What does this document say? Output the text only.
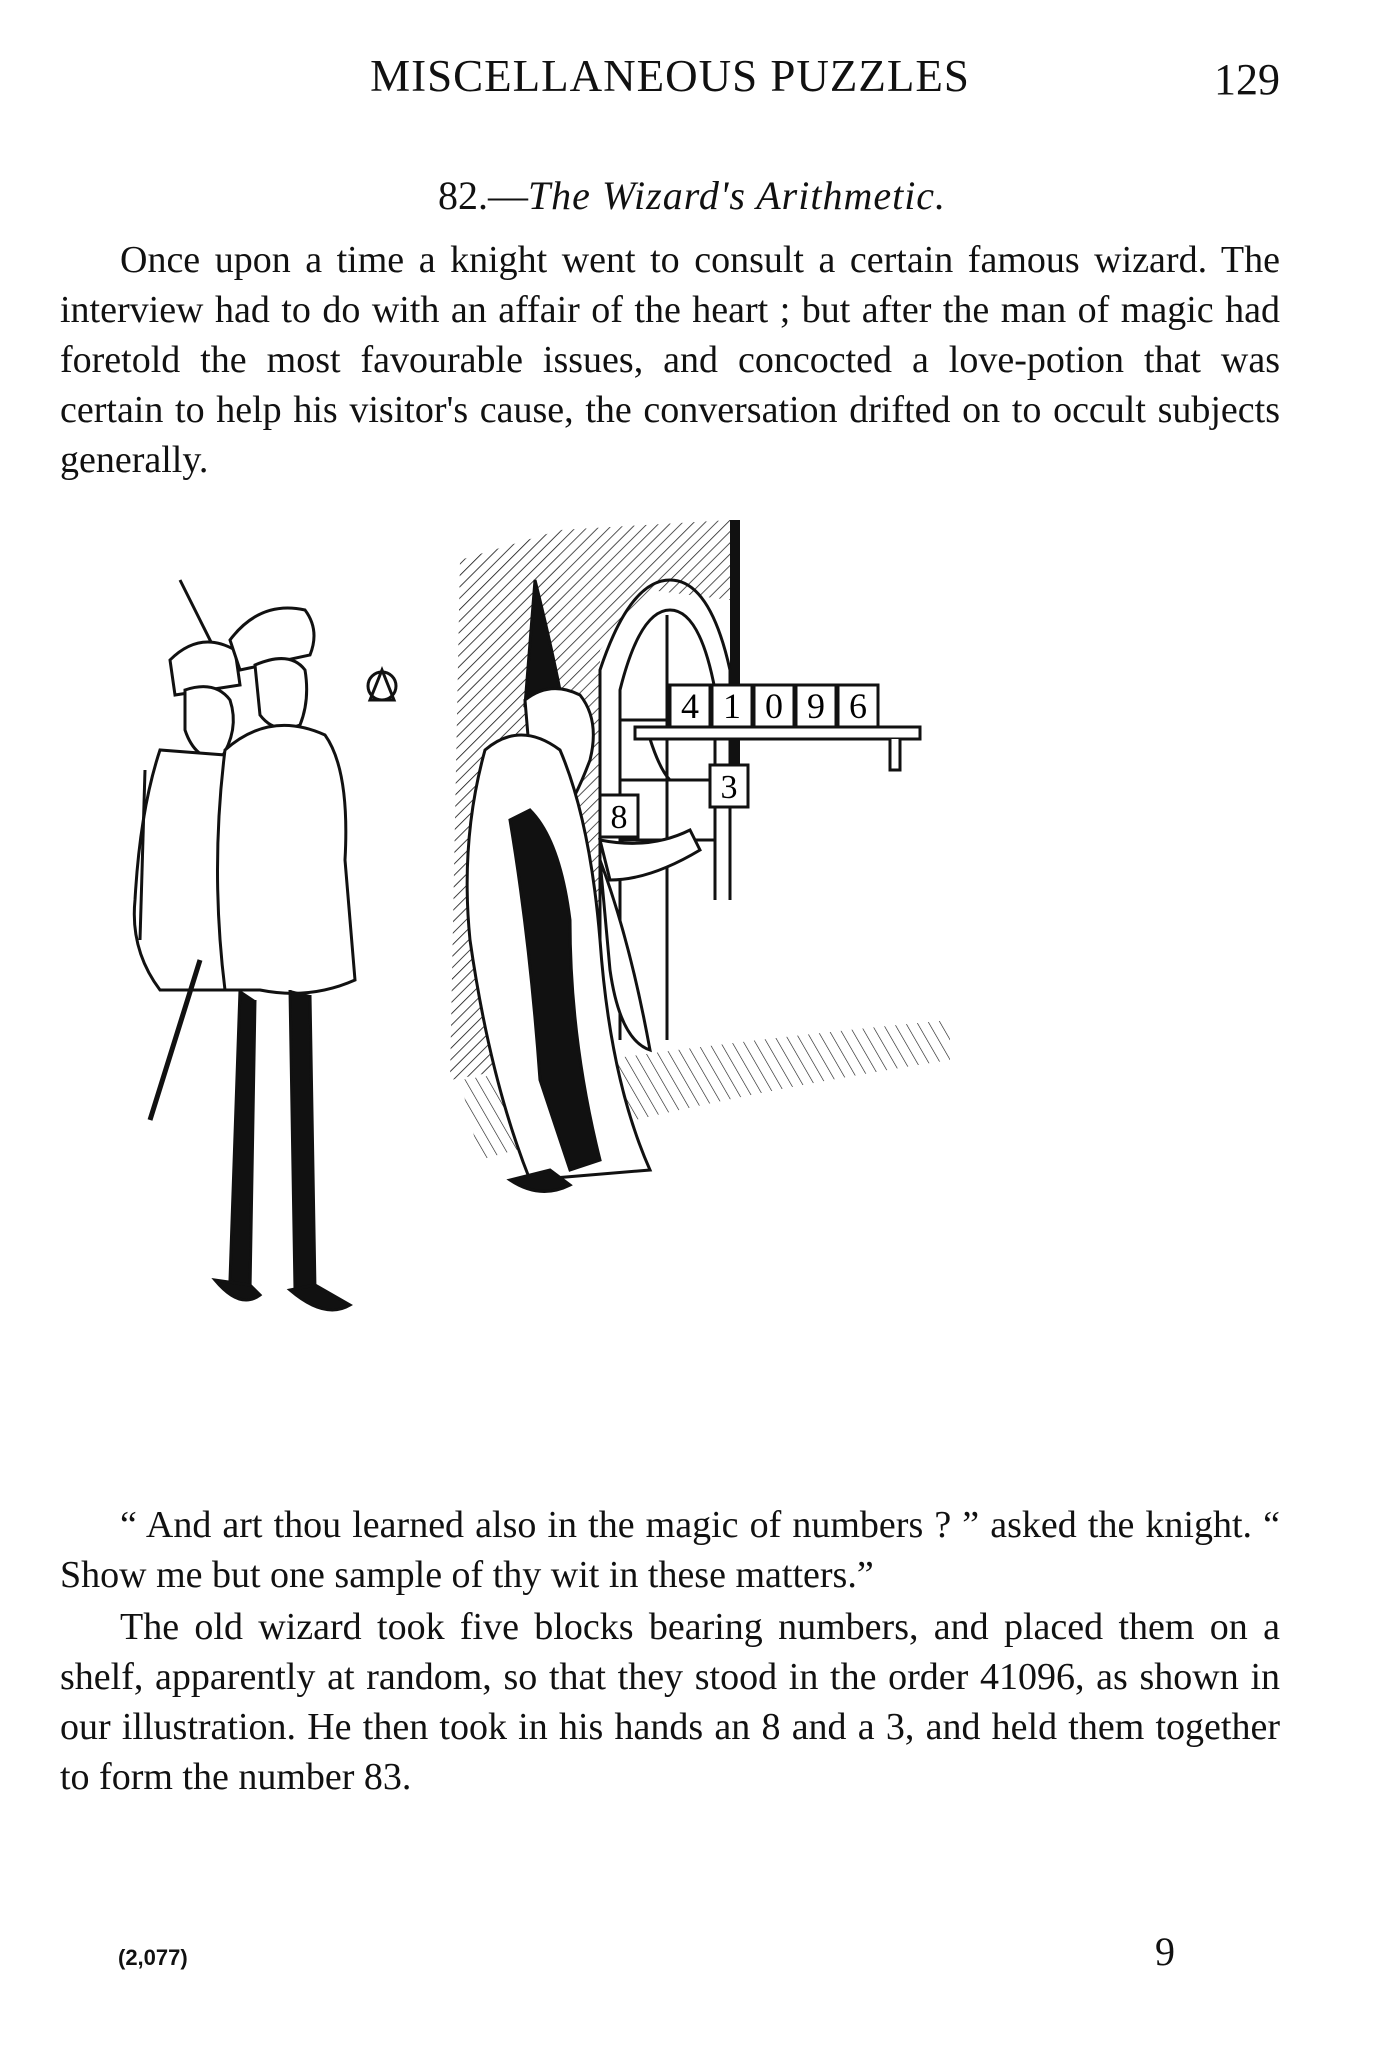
MISCELLANEOUS PUZZLES	129
82.—The Wizard's Arithmetic.

Once upon a time a knight went to consult a certain famous wizard. The interview had to do with an affair of the heart ; but after the man of magic had foretold the most favourable issues, and concocted a love-potion that was certain to help his visitor's cause, the conversation drifted on to occult subjects generally.

4 1 0 9 6
8
3

“ And art thou learned also in the magic of numbers ? ” asked the knight. “ Show me but one sample of thy wit in these matters.”

The old wizard took five blocks bearing numbers, and placed them on a shelf, apparently at random, so that they stood in the order 41096, as shown in our illustration. He then took in his hands an 8 and a 3, and held them together to form the number 83.

(2,077)	9
